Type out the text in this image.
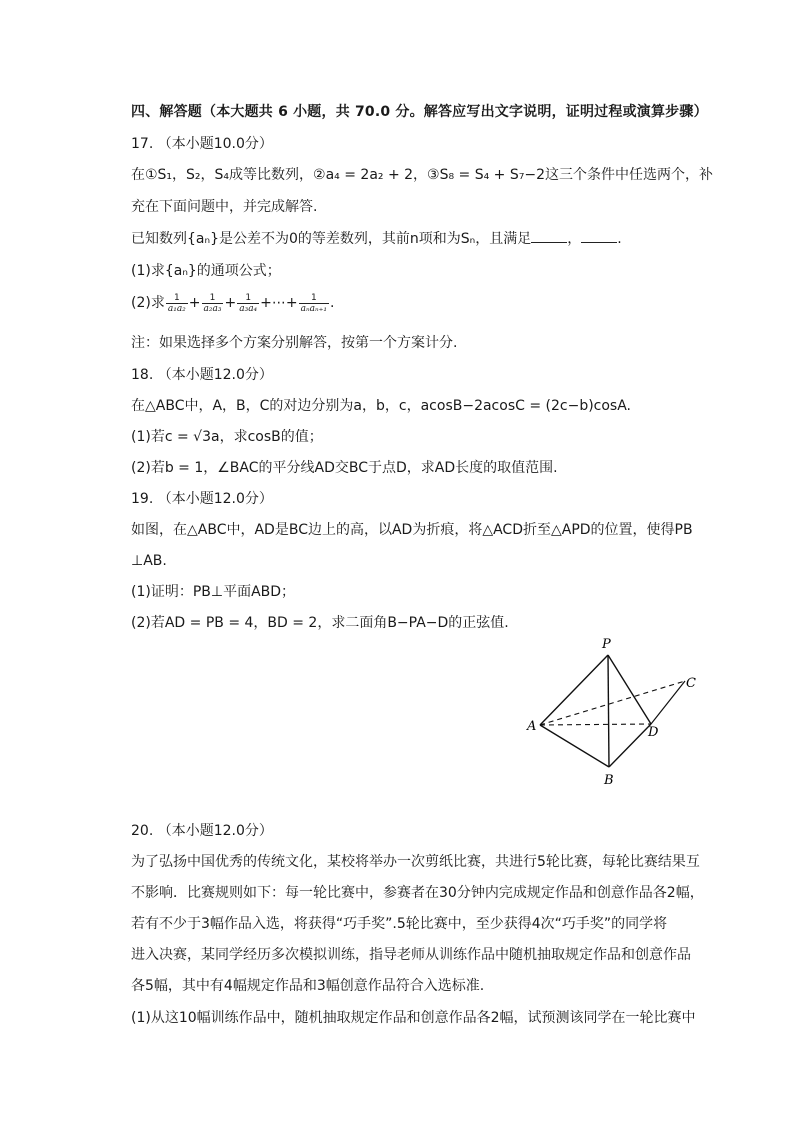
四、解答题（本大题共 6 小题，共 70.0 分。解答应写出文字说明，证明过程或演算步骤）
17. （本小题10.0分）
在①S₁，S₂，S₄成等比数列，②a₄ = 2a₂ + 2，③S₈ = S₄ + S₇−2这三个条件中任选两个，补
充在下面问题中，并完成解答.
已知数列{aₙ}是公差不为0的等差数列，其前n项和为Sₙ，且满足	，	.
(1)求{aₙ}的通项公式；
(2)求 $\frac{1}{\text{a₁a₂}} + \frac{1}{\text{a₂a₃}} + \frac{1}{\text{a₃a₄}}$ +⋯+ $\frac{1}{\text{aₙaₙ₊₁}}$ .
注：如果选择多个方案分别解答，按第一个方案计分.
18. （本小题12.0分）
在△ABC中，A，B，C的对边分别为a，b，c，acosB−2acosC = (2c−b)cosA.
(1)若c = √3a，求cosB的值；
(2)若b = 1，∠BAC的平分线AD交BC于点D，求AD长度的取值范围.
19. （本小题12.0分）
如图，在△ABC中，AD是BC边上的高，以AD为折痕，将△ACD折至△APD的位置，使得PB
⊥AB.
(1)证明：PB⊥平面ABD；
(2)若AD = PB = 4，BD = 2，求二面角B−PA−D的正弦值.
P
C
A	D
B
20. （本小题12.0分）
为了弘扬中国优秀的传统文化，某校将举办一次剪纸比赛，共进行5轮比赛，每轮比赛结果互
不影响．比赛规则如下：每一轮比赛中，参赛者在30分钟内完成规定作品和创意作品各2幅，
若有不少于3幅作品入选，将获得“巧手奖”.5轮比赛中，至少获得4次“巧手奖”的同学将
进入决赛，某同学经历多次模拟训练，指导老师从训练作品中随机抽取规定作品和创意作品
各5幅，其中有4幅规定作品和3幅创意作品符合入选标准.
(1)从这10幅训练作品中，随机抽取规定作品和创意作品各2幅，试预测该同学在一轮比赛中
